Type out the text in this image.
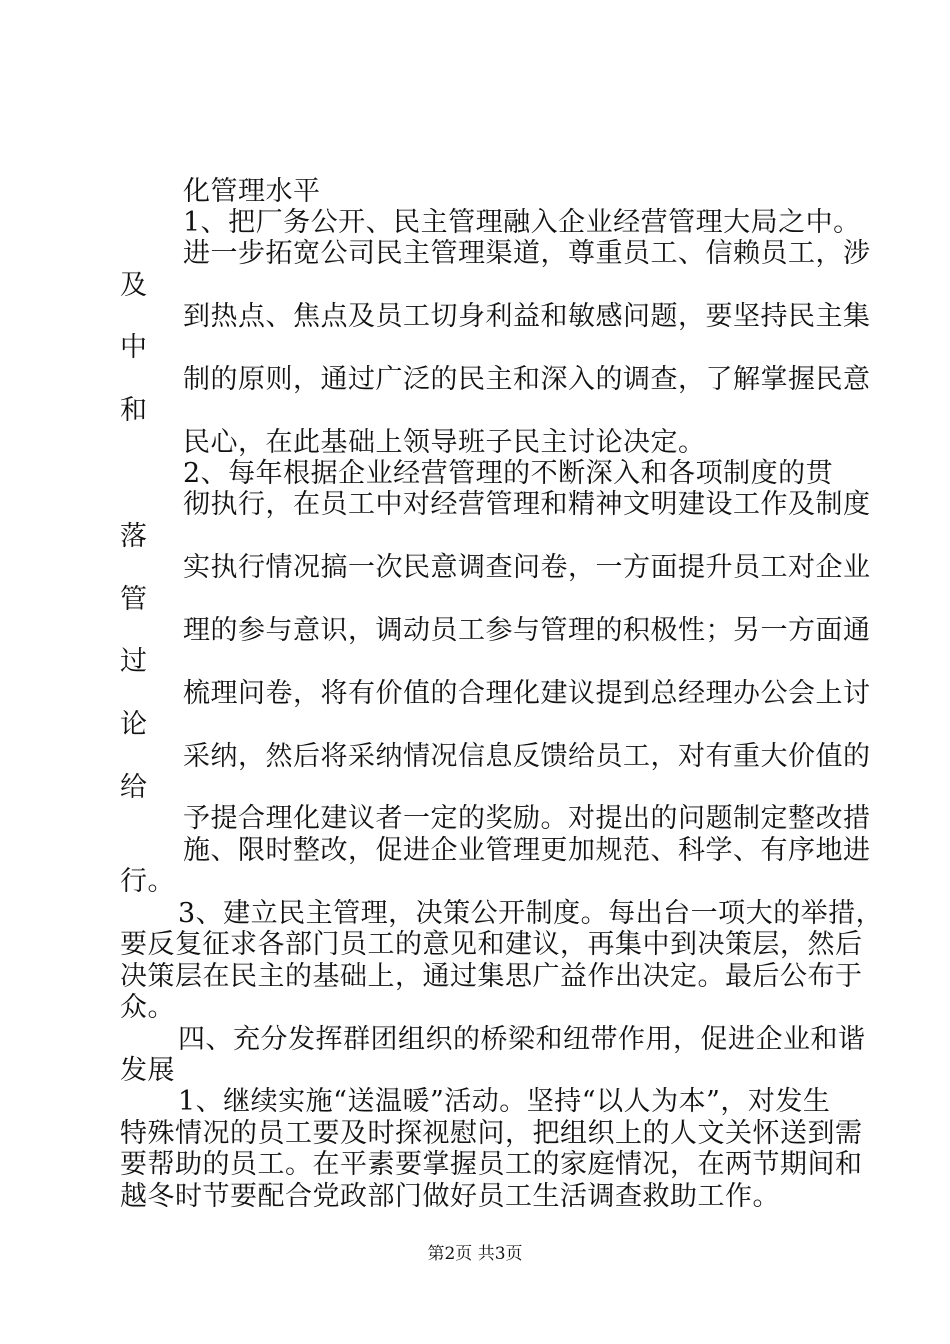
化管理水平
1、把厂务公开、民主管理融入企业经营管理大局之中。
进一步拓宽公司民主管理渠道，尊重员工、信赖员工，涉
及
到热点、焦点及员工切身利益和敏感问题，要坚持民主集
中
制的原则，通过广泛的民主和深入的调查，了解掌握民意
和
民心，在此基础上领导班子民主讨论决定。
2、每年根据企业经营管理的不断深入和各项制度的贯
彻执行，在员工中对经营管理和精神文明建设工作及制度
落
实执行情况搞一次民意调查问卷，一方面提升员工对企业
管
理的参与意识，调动员工参与管理的积极性；另一方面通
过
梳理问卷，将有价值的合理化建议提到总经理办公会上讨
论
采纳，然后将采纳情况信息反馈给员工，对有重大价值的
给
予提合理化建议者一定的奖励。对提出的问题制定整改措
施、限时整改，促进企业管理更加规范、科学、有序地进
行。
3、建立民主管理，决策公开制度。每出台一项大的举措，
要反复征求各部门员工的意见和建议，再集中到决策层，然后
决策层在民主的基础上，通过集思广益作出决定。最后公布于
众。
四、充分发挥群团组织的桥梁和纽带作用，促进企业和谐
发展
1、继续实施“送温暖”活动。坚持“以人为本”，对发生
特殊情况的员工要及时探视慰问，把组织上的人文关怀送到需
要帮助的员工。在平素要掌握员工的家庭情况，在两节期间和
越冬时节要配合党政部门做好员工生活调查救助工作。
第2页 共3页
